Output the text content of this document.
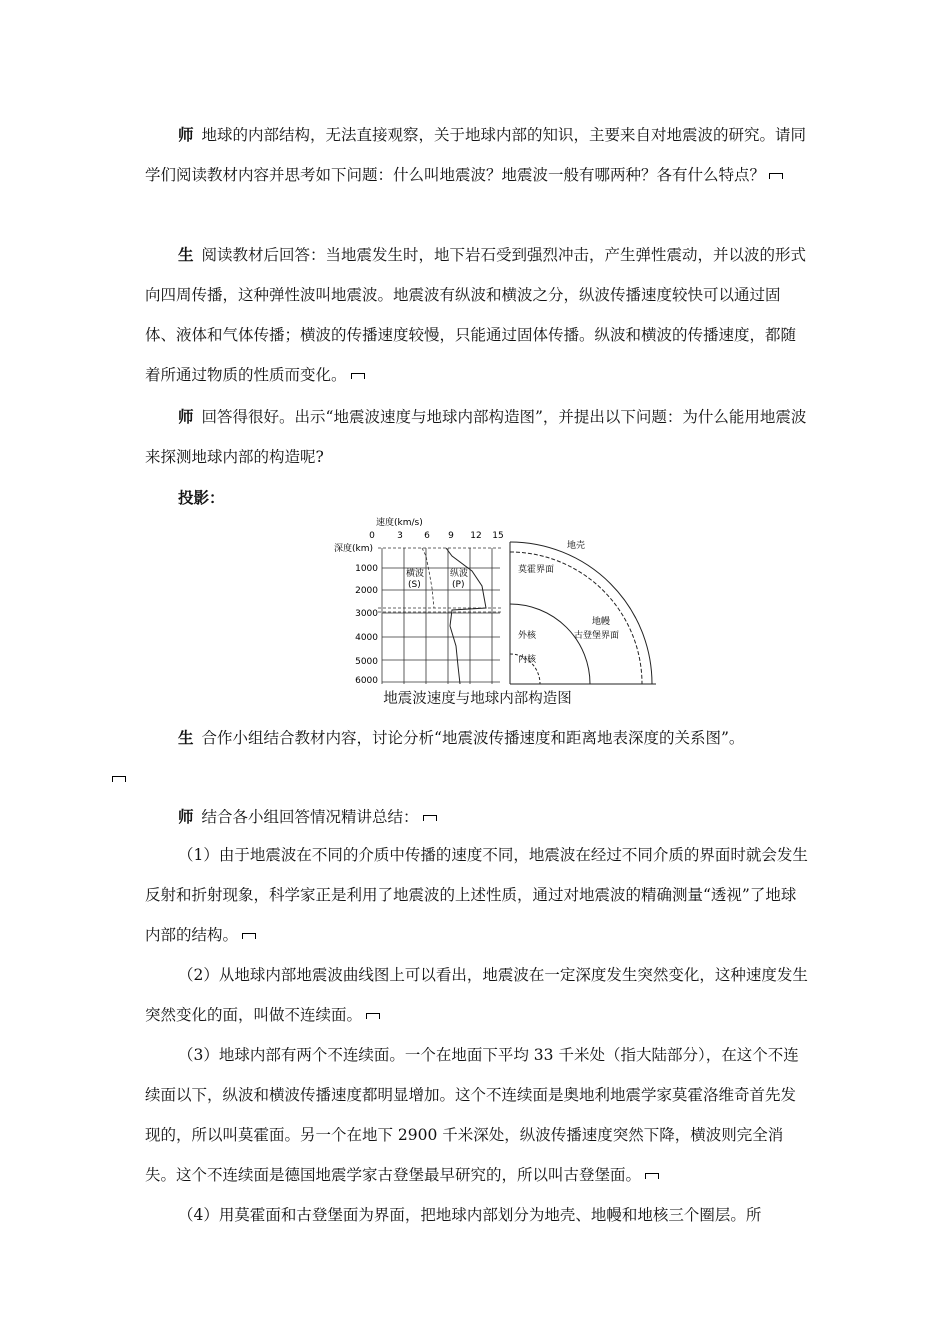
师 地球的内部结构，无法直接观察，关于地球内部的知识，主要来自对地震波的研究。请同学们阅读教材内容并思考如下问题：什么叫地震波？地震波一般有哪两种？各有什么特点？
生 阅读教材后回答：当地震发生时，地下岩石受到强烈冲击，产生弹性震动，并以波的形式向四周传播，这种弹性波叫地震波。地震波有纵波和横波之分，纵波传播速度较快可以通过固体、液体和气体传播；横波的传播速度较慢，只能通过固体传播。纵波和横波的传播速度，都随着所通过物质的性质而变化。
师 回答得很好。出示“地震波速度与地球内部构造图”，并提出以下问题：为什么能用地震波来探测地球内部的构造呢?
投影：
速度(km/s)
0 3 6 9 12 15
深度(km)
1000
2000
3000
4000
5000
6000
横波
(S)
纵波
(P)
地壳
莫霍界面
地幔
古登堡界面
外核
内核
地震波速度与地球内部构造图
生 合作小组结合教材内容，讨论分析“地震波传播速度和距离地表深度的关系图”。

师 结合各小组回答情况精讲总结：
（1）由于地震波在不同的介质中传播的速度不同，地震波在经过不同介质的界面时就会发生反射和折射现象，科学家正是利用了地震波的上述性质，通过对地震波的精确测量“透视”了地球内部的结构。
（2）从地球内部地震波曲线图上可以看出，地震波在一定深度发生突然变化，这种速度发生突然变化的面，叫做不连续面。
（3）地球内部有两个不连续面。一个在地面下平均 33 千米处（指大陆部分），在这个不连续面以下，纵波和横波传播速度都明显增加。这个不连续面是奥地利地震学家莫霍洛维奇首先发现的，所以叫莫霍面。另一个在地下 2900 千米深处，纵波传播速度突然下降，横波则完全消失。这个不连续面是德国地震学家古登堡最早研究的，所以叫古登堡面。
（4）用莫霍面和古登堡面为界面，把地球内部划分为地壳、地幔和地核三个圈层。所
